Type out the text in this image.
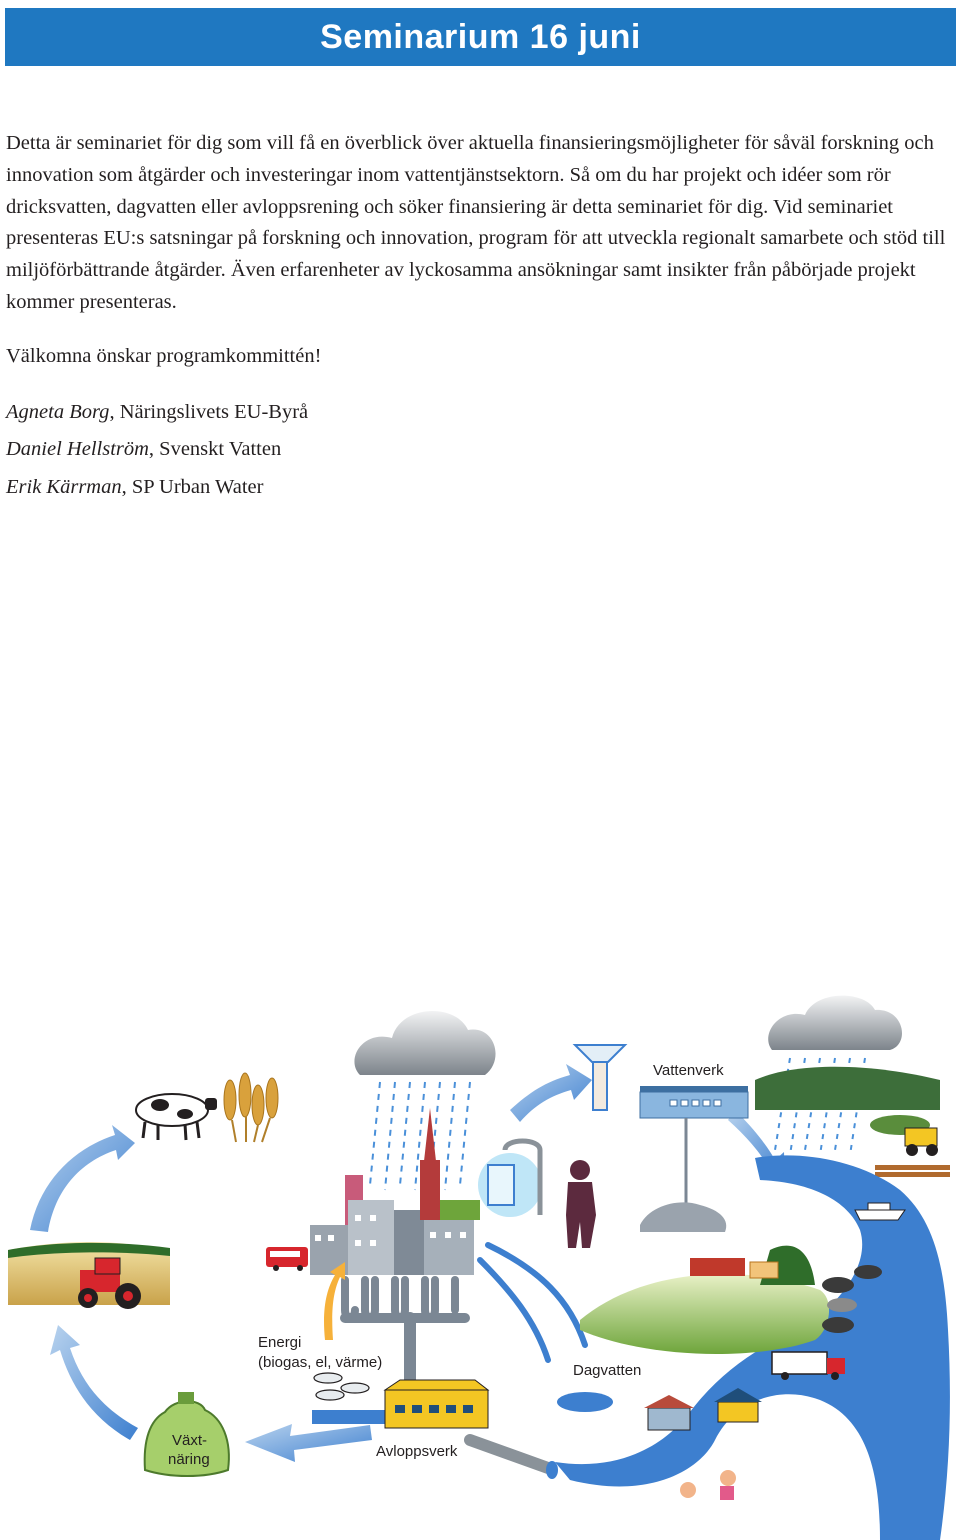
Seminarium 16 juni

Detta är seminariet för dig som vill få en överblick över aktuella finansieringsmöjligheter för såväl forskning och innovation som åtgärder och investeringar inom vattentjänstsektorn. Så om du har projekt och idéer som rör dricksvatten, dagvatten eller avloppsrening och söker finansiering är detta seminariet för dig. Vid seminariet presenteras EU:s satsningar på forskning och innovation, program för att utveckla regionalt samarbete och stöd till miljöförbättrande åtgärder. Även erfarenheter av lyckosamma ansökningar samt insikter från påbörjade projekt kommer presenteras.

Välkomna önskar programkommittén!

Agneta Borg, Näringslivets EU-Byrå
Daniel Hellström, Svenskt Vatten
Erik Kärrman, SP Urban Water
Vattenverk
Energi
(biogas, el, värme)	Dagvatten
Avloppsverk
Växt-
näring
